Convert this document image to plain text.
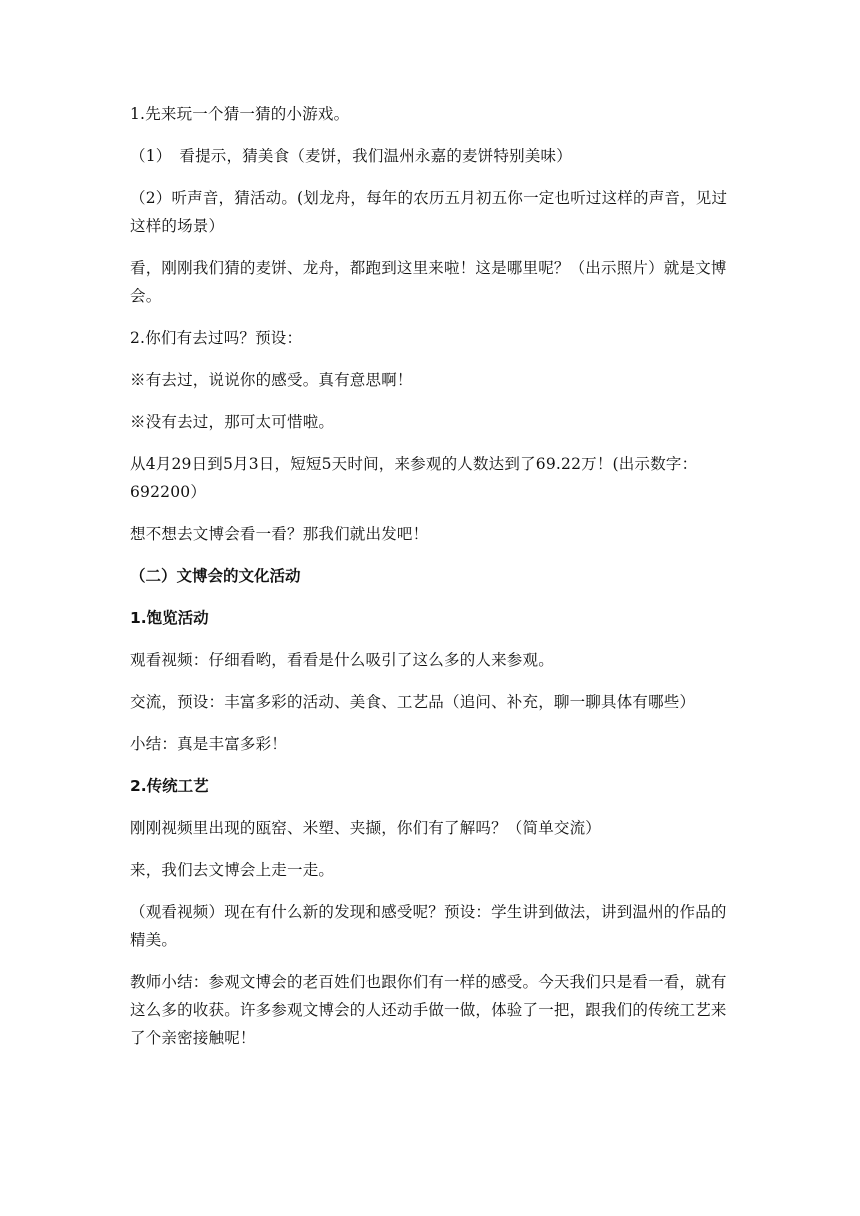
1.先来玩一个猜一猜的小游戏。

（1）　看提示，猜美食（麦饼，我们温州永嘉的麦饼特别美味）

（2）听声音，猜活动。(划龙舟，每年的农历五月初五你一定也听过这样的声音，见过这样的场景）

看，刚刚我们猜的麦饼、龙舟，都跑到这里来啦！这是哪里呢？（出示照片）就是文博会。

2.你们有去过吗？预设：

※有去过，说说你的感受。真有意思啊！

※没有去过，那可太可惜啦。

从4月29日到5月3日，短短5天时间，来参观的人数达到了69.22万！(出示数字：692200）

想不想去文博会看一看？那我们就出发吧！

（二）文博会的文化活动

1.饱览活动

观看视频：仔细看哟，看看是什么吸引了这么多的人来参观。

交流，预设：丰富多彩的活动、美食、工艺品（追问、补充，聊一聊具体有哪些）

小结：真是丰富多彩！

2.传统工艺

刚刚视频里出现的瓯窑、米塑、夹撷，你们有了解吗？（简单交流）

来，我们去文博会上走一走。

（观看视频）现在有什么新的发现和感受呢？预设：学生讲到做法，讲到温州的作品的精美。

教师小结：参观文博会的老百姓们也跟你们有一样的感受。今天我们只是看一看，就有这么多的收获。许多参观文博会的人还动手做一做，体验了一把，跟我们的传统工艺来了个亲密接触呢！
